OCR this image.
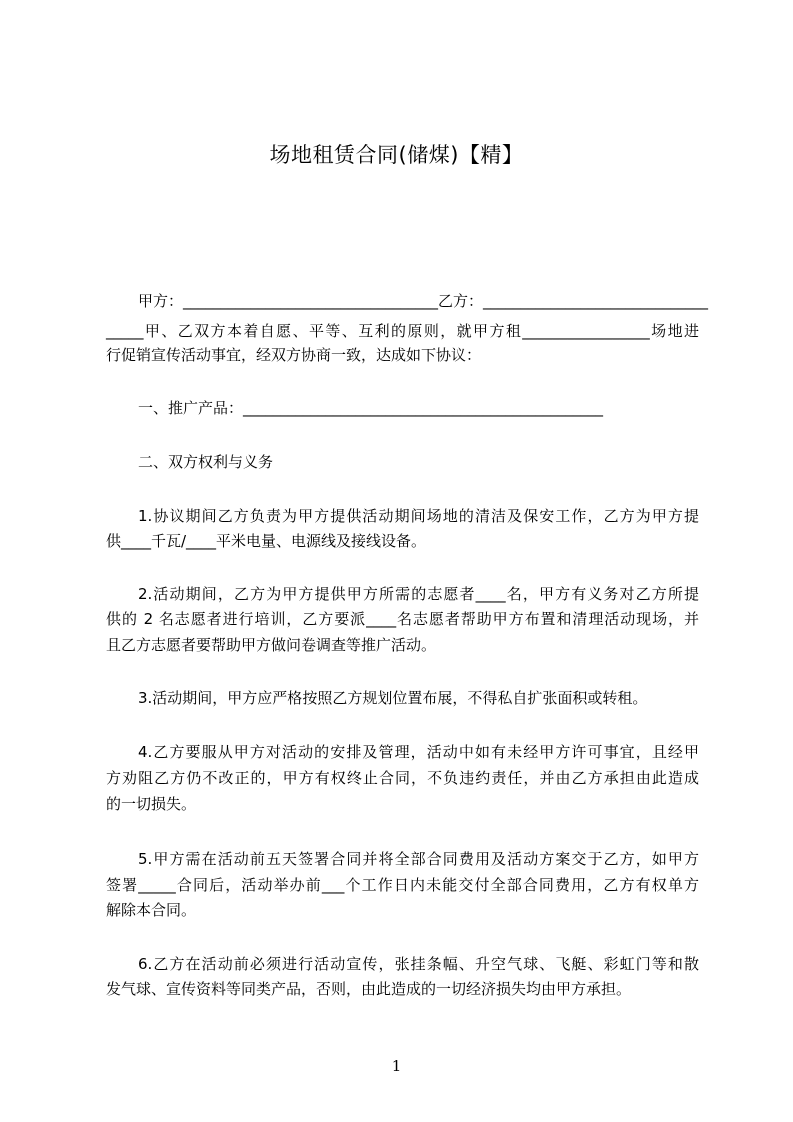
场地租赁合同(储煤)【精】
甲方：__________________________________乙方：______________________________
_____甲、乙双方本着自愿、平等、互利的原则，就甲方租_________________场地进
行促销宣传活动事宜，经双方协商一致，达成如下协议：
一、推广产品：________________________________________________
二、双方权利与义务
1.协议期间乙方负责为甲方提供活动期间场地的清洁及保安工作，乙方为甲方提
供____千瓦/____平米电量、电源线及接线设备。
2.活动期间，乙方为甲方提供甲方所需的志愿者____名，甲方有义务对乙方所提
供的 2 名志愿者进行培训，乙方要派____名志愿者帮助甲方布置和清理活动现场，并
且乙方志愿者要帮助甲方做问卷调查等推广活动。
3.活动期间，甲方应严格按照乙方规划位置布展，不得私自扩张面积或转租。
4.乙方要服从甲方对活动的安排及管理，活动中如有未经甲方许可事宜，且经甲
方劝阻乙方仍不改正的，甲方有权终止合同，不负违约责任，并由乙方承担由此造成
的一切损失。
5.甲方需在活动前五天签署合同并将全部合同费用及活动方案交于乙方，如甲方
签署_____合同后，活动举办前___个工作日内未能交付全部合同费用，乙方有权单方
解除本合同。
6.乙方在活动前必须进行活动宣传，张挂条幅、升空气球、飞艇、彩虹门等和散
发气球、宣传资料等同类产品，否则，由此造成的一切经济损失均由甲方承担。
1
